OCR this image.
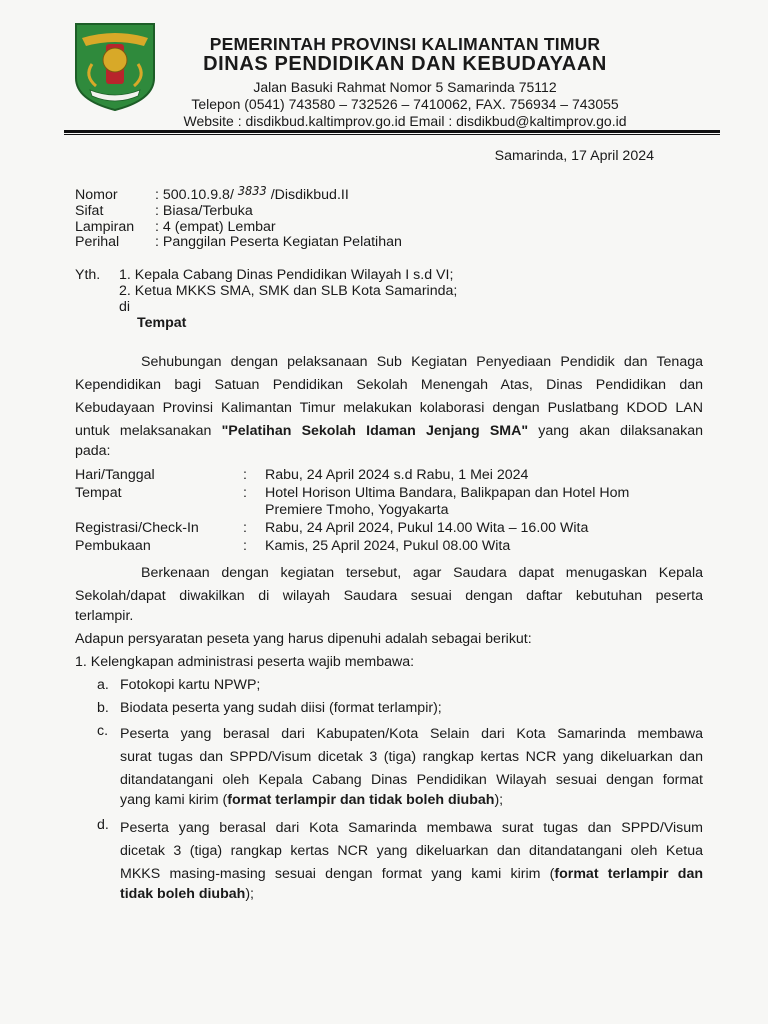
PEMERINTAH PROVINSI KALIMANTAN TIMUR
DINAS PENDIDIKAN DAN KEBUDAYAAN
Jalan Basuki Rahmat Nomor 5 Samarinda 75112
Telepon (0541) 743580 – 732526 – 7410062, FAX. 756934 – 743055
Website : disdikbud.kaltimprov.go.id Email : disdikbud@kaltimprov.go.id
Samarinda, 17 April 2024
Nomor	: 500.10.9.8/ $^{3833}$ /Disdikbud.II
Sifat	: Biasa/Terbuka
Lampiran : 4 (empat) Lembar
Perihal	: Panggilan Peserta Kegiatan Pelatihan
Yth. 1. Kepala Cabang Dinas Pendidikan Wilayah I s.d VI;
2. Ketua MKKS SMA, SMK dan SLB Kota Samarinda;
di
Tempat
Sehubungan dengan pelaksanaan Sub Kegiatan Penyediaan Pendidik dan Tenaga
Kependidikan bagi Satuan Pendidikan Sekolah Menengah Atas, Dinas Pendidikan dan
Kebudayaan Provinsi Kalimantan Timur melakukan kolaborasi dengan Puslatbang KDOD LAN
untuk melaksanakan "Pelatihan Sekolah Idaman Jenjang SMA" yang akan dilaksanakan
pada:
Hari/Tanggal	: Rabu, 24 April 2024 s.d Rabu, 1 Mei 2024
Tempat	: Hotel Horison Ultima Bandara, Balikpapan dan Hotel Hom
Premiere Tmoho, Yogyakarta
Registrasi/Check-In	: Rabu, 24 April 2024, Pukul 14.00 Wita – 16.00 Wita
Pembukaan	: Kamis, 25 April 2024, Pukul 08.00 Wita
Berkenaan dengan kegiatan tersebut, agar Saudara dapat menugaskan Kepala
Sekolah/dapat diwakilkan di wilayah Saudara sesuai dengan daftar kebutuhan peserta
terlampir.
Adapun persyaratan peseta yang harus dipenuhi adalah sebagai berikut:
1. Kelengkapan administrasi peserta wajib membawa:
a. Fotokopi kartu NPWP;
b. Biodata peserta yang sudah diisi (format terlampir);
c. Peserta yang berasal dari Kabupaten/Kota Selain dari Kota Samarinda membawa
surat tugas dan SPPD/Visum dicetak 3 (tiga) rangkap kertas NCR yang dikeluarkan dan
ditandatangani oleh Kepala Cabang Dinas Pendidikan Wilayah sesuai dengan format
yang kami kirim (format terlampir dan tidak boleh diubah);
d. Peserta yang berasal dari Kota Samarinda membawa surat tugas dan SPPD/Visum
dicetak 3 (tiga) rangkap kertas NCR yang dikeluarkan dan ditandatangani oleh Ketua
MKKS masing-masing sesuai dengan format yang kami kirim (format terlampir dan
tidak boleh diubah);
